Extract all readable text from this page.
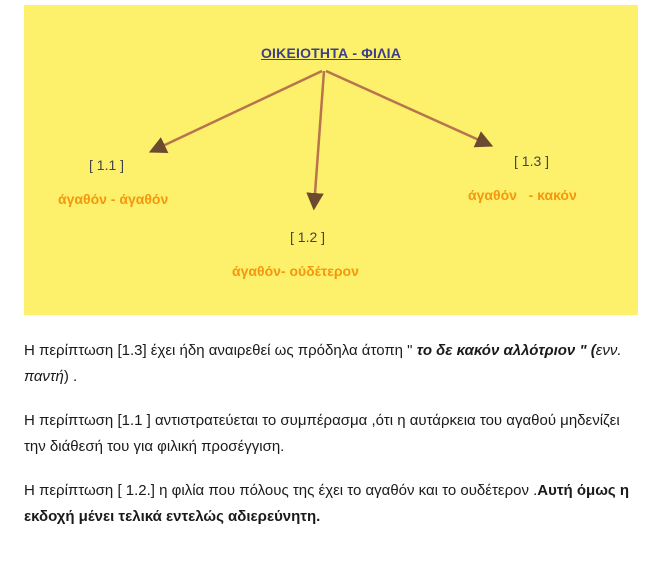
ΟΙΚΕΙΟΤΗΤΑ - ΦΙΛΙΑ
[ 1.1 ]
άγαθόν - άγαθόν
[ 1.2 ]
άγαθόν- ούδέτερον
[ 1.3 ]
άγαθόν   - κακόν
Η περίπτωση [1.3] έχει ήδη αναιρεθεί ως πρόδηλα άτοπη " το δε κακόν αλλότριον " (ενν. παντή) .
Η περίπτωση [1.1 ] αντιστρατεύεται το συμπέρασμα ,ότι η αυτάρκεια του αγαθού μηδενίζει την διάθεσή του για φιλική προσέγγιση.
Η περίπτωση [ 1.2.] η φιλία που πόλους της έχει το αγαθόν και το ουδέτερον .Αυτή όμως η εκδοχή μένει τελικά εντελώς αδιερεύνητη.
